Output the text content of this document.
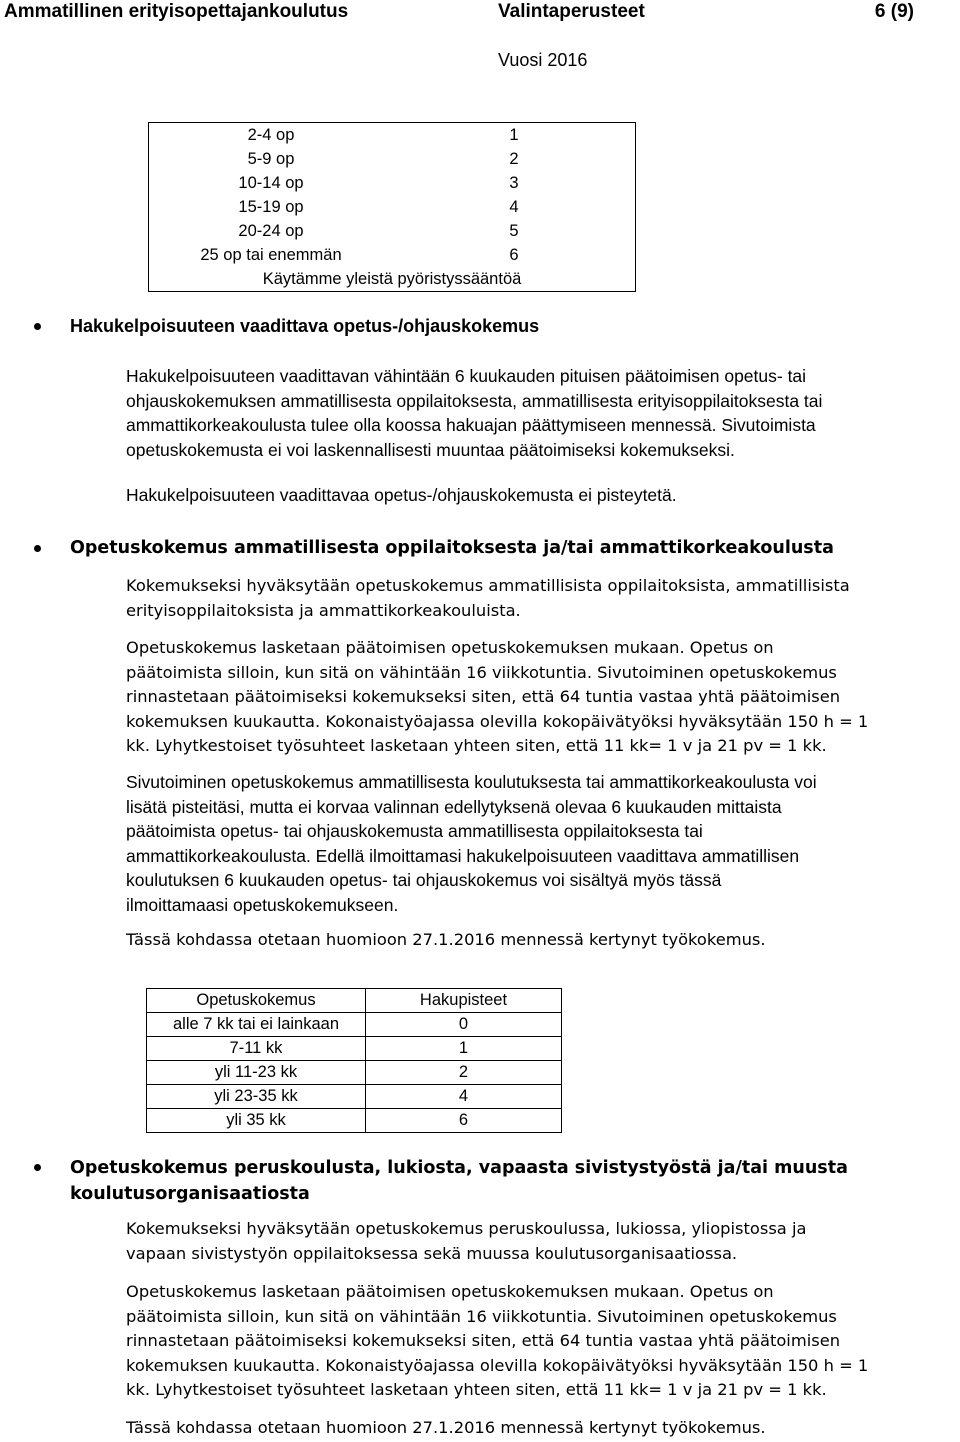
Ammatillinen erityisopettajankoulutus	Valintaperusteet	6 (9)
Vuosi 2016
2-4 op	1
5-9 op	2
10-14 op	3
15-19 op	4
20-24 op	5
25 op tai enemmän	6
Käytämme yleistä pyöristyssääntöä	
Hakukelpoisuuteen vaadittava opetus-/ohjauskokemus
Hakukelpoisuuteen vaadittavan vähintään 6 kuukauden pituisen päätoimisen opetus- tai
ohjauskokemuksen ammatillisesta oppilaitoksesta, ammatillisesta erityisoppilaitoksesta tai
ammattikorkeakoulusta tulee olla koossa hakuajan päättymiseen mennessä. Sivutoimista
opetuskokemusta ei voi laskennallisesti muuntaa päätoimiseksi kokemukseksi.
Hakukelpoisuuteen vaadittavaa opetus-/ohjauskokemusta ei pisteytetä.
Opetuskokemus ammatillisesta oppilaitoksesta ja/tai ammattikorkeakoulusta
Kokemukseksi hyväksytään opetuskokemus ammatillisista oppilaitoksista, ammatillisista
erityisoppilaitoksista ja ammattikorkeakouluista.
Opetuskokemus lasketaan päätoimisen opetuskokemuksen mukaan. Opetus on
päätoimista silloin, kun sitä on vähintään 16 viikkotuntia. Sivutoiminen opetuskokemus
rinnastetaan päätoimiseksi kokemukseksi siten, että 64 tuntia vastaa yhtä päätoimisen
kokemuksen kuukautta. Kokonaistyöajassa olevilla kokopäivätyöksi hyväksytään 150 h = 1
kk. Lyhytkestoiset työsuhteet lasketaan yhteen siten, että 11 kk= 1 v ja 21 pv = 1 kk.
Sivutoiminen opetuskokemus ammatillisesta koulutuksesta tai ammattikorkeakoulusta voi
lisätä pisteitäsi, mutta ei korvaa valinnan edellytyksenä olevaa 6 kuukauden mittaista
päätoimista opetus- tai ohjauskokemusta ammatillisesta oppilaitoksesta tai
ammattikorkeakoulusta. Edellä ilmoittamasi hakukelpoisuuteen vaadittava ammatillisen
koulutuksen 6 kuukauden opetus- tai ohjauskokemus voi sisältyä myös tässä
ilmoittamaasi opetuskokemukseen.
Tässä kohdassa otetaan huomioon 27.1.2016 mennessä kertynyt työkokemus.
Opetuskokemus	Hakupisteet
alle 7 kk tai ei lainkaan	0
7-11 kk	1
yli 11-23 kk	2
yli 23-35 kk	4
yli 35 kk	6
Opetuskokemus peruskoulusta, lukiosta, vapaasta sivistystyöstä ja/tai muusta
koulutusorganisaatiosta
Kokemukseksi hyväksytään opetuskokemus peruskoulussa, lukiossa, yliopistossa ja
vapaan sivistystyön oppilaitoksessa sekä muussa koulutusorganisaatiossa.
Opetuskokemus lasketaan päätoimisen opetuskokemuksen mukaan. Opetus on
päätoimista silloin, kun sitä on vähintään 16 viikkotuntia. Sivutoiminen opetuskokemus
rinnastetaan päätoimiseksi kokemukseksi siten, että 64 tuntia vastaa yhtä päätoimisen
kokemuksen kuukautta. Kokonaistyöajassa olevilla kokopäivätyöksi hyväksytään 150 h = 1
kk. Lyhytkestoiset työsuhteet lasketaan yhteen siten, että 11 kk= 1 v ja 21 pv = 1 kk.
Tässä kohdassa otetaan huomioon 27.1.2016 mennessä kertynyt työkokemus.
